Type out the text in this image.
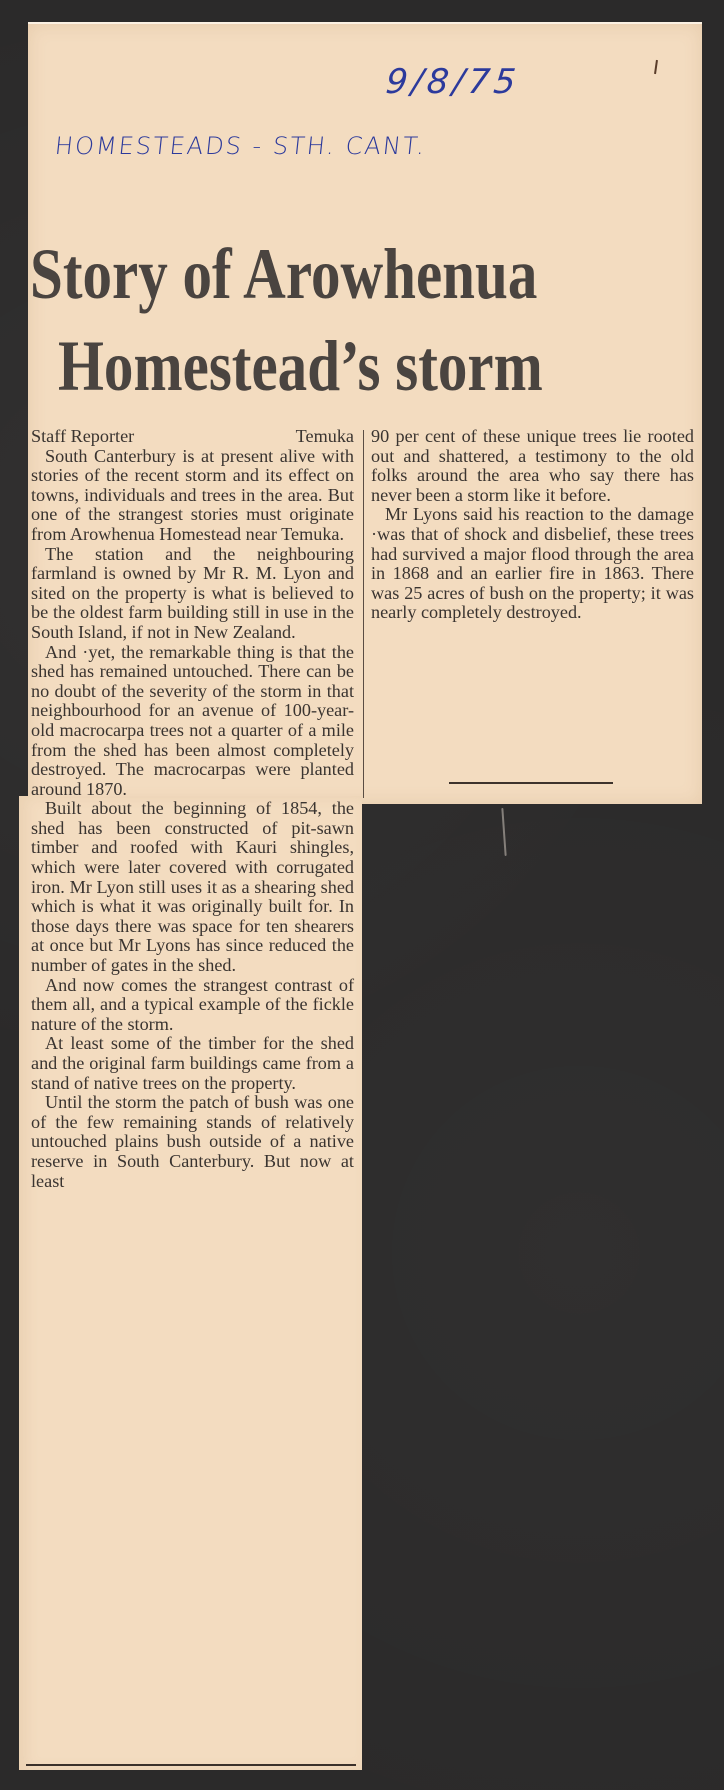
9/8/75
HOMESTEADS - STH. CANT.
Story of Arowhenua
Homestead’s storm
Staff Reporter	Temuka

South Canterbury is at present alive with stories of the recent storm and its effect on towns, individuals and trees in the area. But one of the strangest stories must originate from Arowhenua Homestead near Temuka.

The station and the neighbouring farmland is owned by Mr R. M. Lyon and sited on the property is what is believed to be the oldest farm building still in use in the South Island, if not in New Zealand.

And ·yet, the remarkable thing is that the shed has remained untouched. There can be no doubt of the severity of the storm in that neighbourhood for an avenue of 100-year-old macrocarpa trees not a quarter of a mile from the shed has been almost completely destroyed. The macrocarpas were planted around 1870.

Built about the beginning of 1854, the shed has been constructed of pit-sawn timber and roofed with Kauri shingles, which were later covered with corrugated iron. Mr Lyon still uses it as a shearing shed which is what it was originally built for. In those days there was space for ten shearers at once but Mr Lyons has since reduced the number of gates in the shed.

And now comes the strangest contrast of them all, and a typical example of the fickle nature of the storm.

At least some of the timber for the shed and the original farm buildings came from a stand of native trees on the property.

Until the storm the patch of bush was one of the few remaining stands of relatively untouched plains bush outside of a native reserve in South Canterbury. But now at least

90 per cent of these unique trees lie rooted out and shattered, a testimony to the old folks around the area who say there has never been a storm like it before.

Mr Lyons said his reaction to the damage ·was that of shock and disbelief, these trees had survived a major flood through the area in 1868 and an earlier fire in 1863. There was 25 acres of bush on the property; it was nearly completely destroyed.
